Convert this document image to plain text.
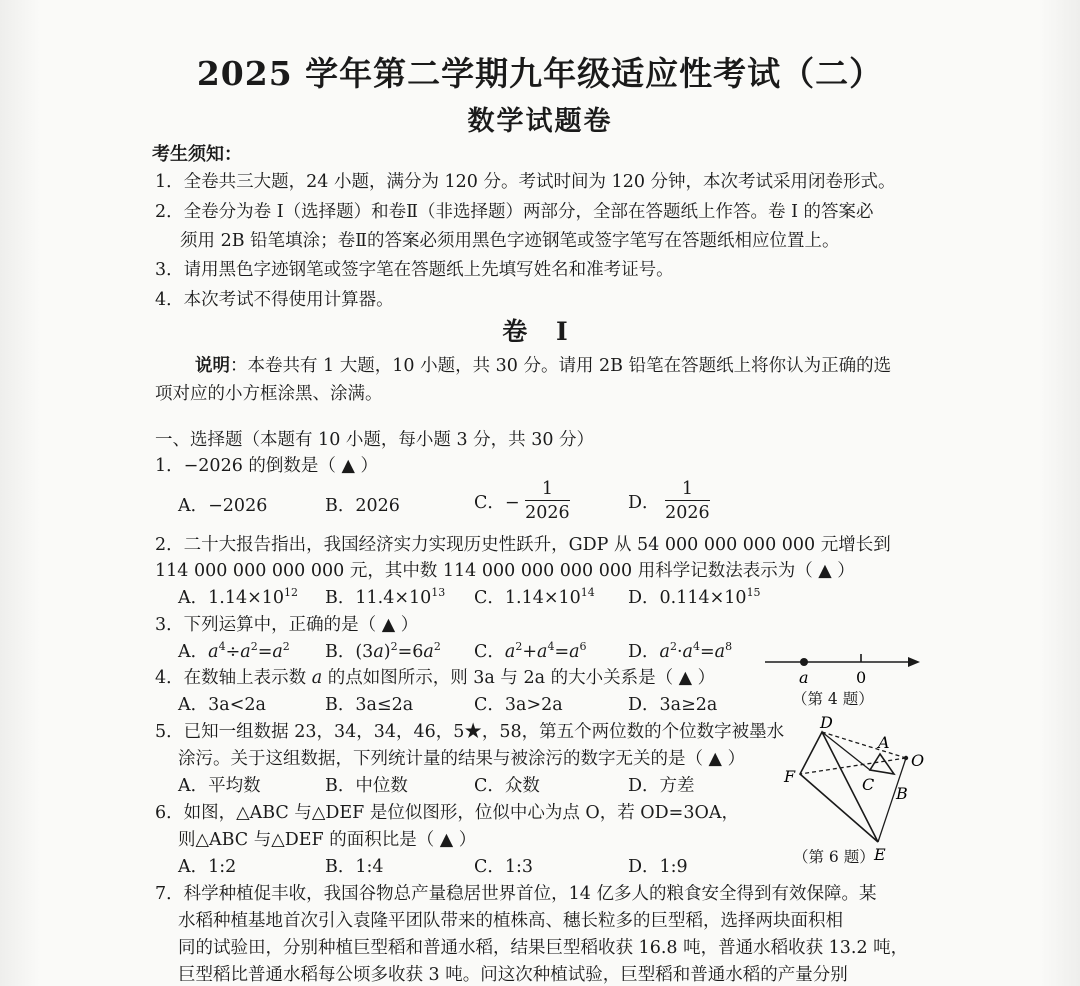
2025 学年第二学期九年级适应性考试（二）
数学试题卷
考生须知：
1．全卷共三大题，24 小题，满分为 120 分。考试时间为 120 分钟，本次考试采用闭卷形式。
2．全卷分为卷 Ⅰ（选择题）和卷Ⅱ（非选择题）两部分，全部在答题纸上作答。卷 Ⅰ 的答案必
须用 2B 铅笔填涂；卷Ⅱ的答案必须用黑色字迹钢笔或签字笔写在答题纸相应位置上。
3．请用黑色字迹钢笔或签字笔在答题纸上先填写姓名和准考证号。
4．本次考试不得使用计算器。
卷 Ⅰ
说明：本卷共有 1 大题，10 小题，共 30 分。请用 2B 铅笔在答题纸上将你认为正确的选
项对应的小方框涂黑、涂满。
一、选择题（本题有 10 小题，每小题 3 分，共 30 分）
1．−2026 的倒数是（ ▲ ）
A．−2026	B．2026	C．− $\frac{1}{2026}$	D． $\frac{1}{2026}$
2．二十大报告指出，我国经济实力实现历史性跃升，GDP 从 54 000 000 000 000 元增长到
114 000 000 000 000 元，其中数 114 000 000 000 000 用科学记数法表示为（ ▲ ）
A．$1.14\times 10^{12}$ B．$11.4\times 10^{13}$ C．$1.14\times 10^{14}$ D．$0.114\times 10^{15}$
3．下列运算中，正确的是（ ▲ ）
A．$a^4\div a^2=a^2$ B．$(3a)^2=6a^2$ C．$a^2+a^4=a^6$ D．$a^2\cdot a^4=a^8$
4．在数轴上表示数 a 的点如图所示，则 3a 与 2a 的大小关系是（ ▲ ）
A．3a<2a	B．3a≤2a	C．3a>2a	D．3a≥2a
a	0
（第 4 题）
5．已知一组数据 23，34，34，46，5★，58，第五个两位数的个位数字被墨水
涂污。关于这组数据，下列统计量的结果与被涂污的数字无关的是（ ▲ ）
A．平均数	B．中位数	C．众数	D．方差
6．如图，△ABC 与△DEF 是位似图形，位似中心为点 O，若 OD=3OA，
则△ABC 与△DEF 的面积比是（ ▲ ）
A．1:2	B．1:4	C．1:3	D．1:9
D
A
O
F	C B
E
（第 6 题）
7．科学种植促丰收，我国谷物总产量稳居世界首位，14 亿多人的粮食安全得到有效保障。某
水稻种植基地首次引入袁隆平团队带来的植株高、穗长粒多的巨型稻，选择两块面积相
同的试验田，分别种植巨型稻和普通水稻，结果巨型稻收获 16.8 吨，普通水稻收获 13.2 吨，
巨型稻比普通水稻每公顷多收获 3 吨。问这次种植试验，巨型稻和普通水稻的产量分别
